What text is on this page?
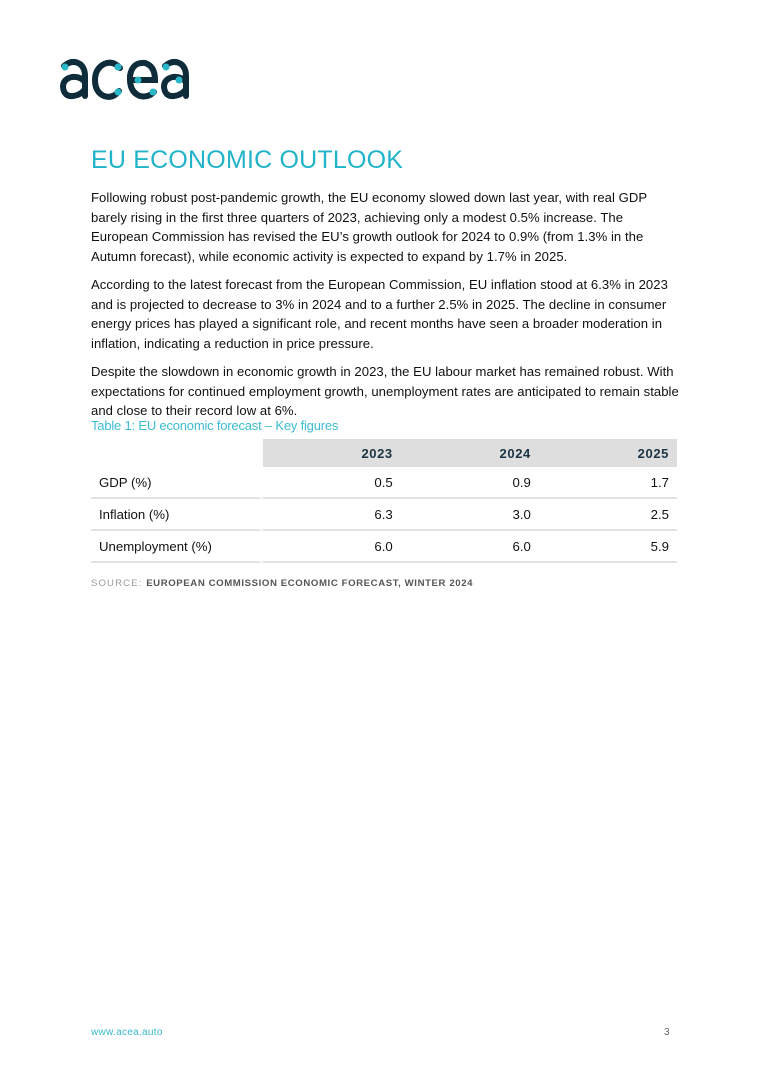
EU ECONOMIC OUTLOOK

Following robust post-pandemic growth, the EU economy slowed down last year, with real GDP barely rising in the first three quarters of 2023, achieving only a modest 0.5% increase. The European Commission has revised the EU’s growth outlook for 2024 to 0.9% (from 1.3% in the Autumn forecast), while economic activity is expected to expand by 1.7% in 2025.

According to the latest forecast from the European Commission, EU inflation stood at 6.3% in 2023 and is projected to decrease to 3% in 2024 and to a further 2.5% in 2025. The decline in consumer energy prices has played a significant role, and recent months have seen a broader moderation in inflation, indicating a reduction in price pressure.

Despite the slowdown in economic growth in 2023, the EU labour market has remained robust. With expectations for continued employment growth, unemployment rates are anticipated to remain stable and close to their record low at 6%.

Table 1: EU economic forecast – Key figures
	2023	2024	2025
GDP (%)	0.5	0.9	1.7
Inflation (%)	6.3	3.0	2.5
Unemployment (%)	6.0	6.0	5.9
SOURCE: EUROPEAN COMMISSION ECONOMIC FORECAST, WINTER 2024
www.acea.auto	3
